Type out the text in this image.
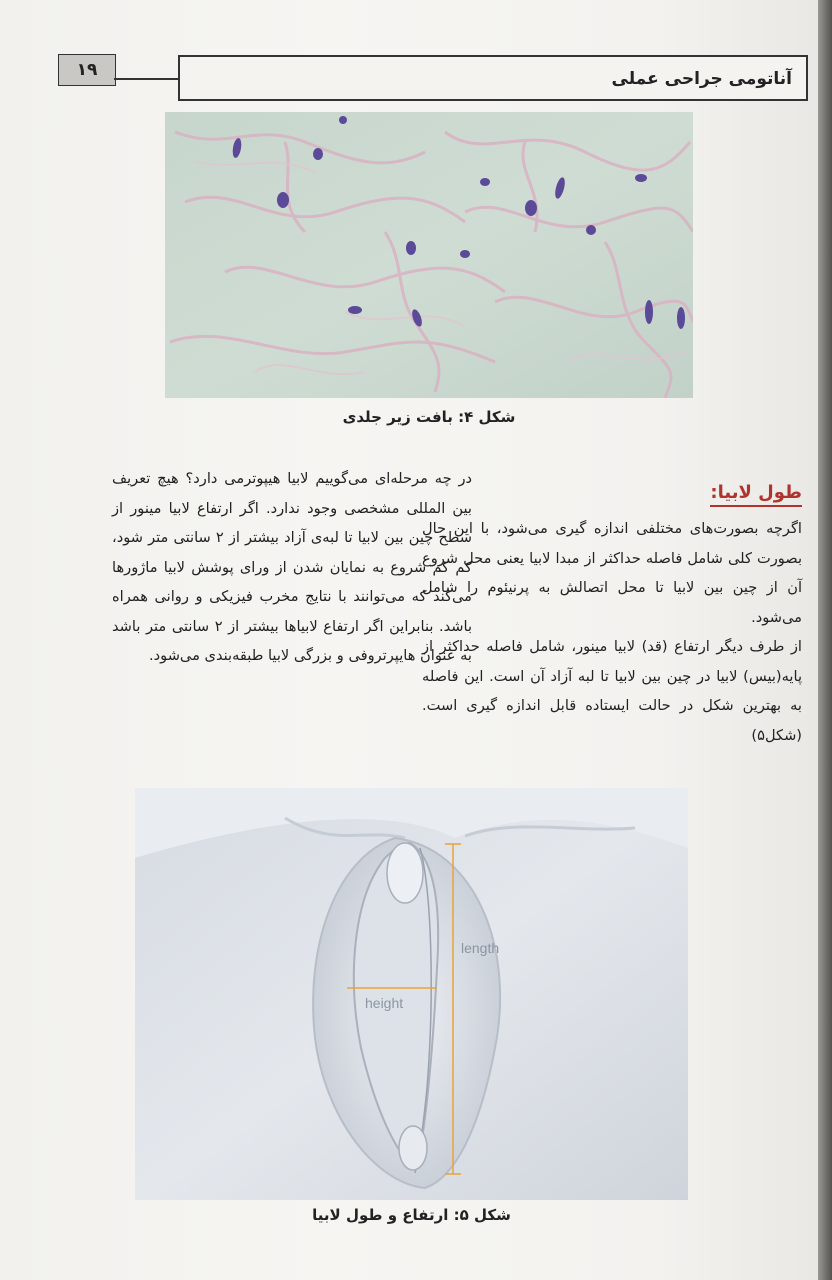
۱۹	آناتومی جراحی عملی
شکل ۴: بافت زیر جلدی
طول لابیا:

اگرچه بصورت‌های مختلفی اندازه گیری می‌شود، با این حال بصورت کلی شامل فاصله حداکثر از مبدا لابیا یعنی محل شروع آن از چین بین لابیا تا محل اتصالش به پرنیئوم را شامل می‌شود.

از طرف دیگر ارتفاع (قد) لابیا مینور، شامل فاصله حداکثر از پایه(بیس) لابیا در چین بین لابیا تا لبه آزاد آن است. این فاصله به بهترین شکل در حالت ایستاده قابل اندازه گیری است. (شکل۵)

در چه مرحله‌ای می‌گوییم لابیا هیپوترمی دارد؟ هیچ تعریف بین المللی مشخصی وجود ندارد. اگر ارتفاع لابیا مینور از سطح چین بین لابیا تا لبه‌ی آزاد بیشتر از ۲ سانتی متر شود، کم کم شروع به نمایان شدن از ورای پوشش لابیا ماژورها می‌کند که می‌توانند با نتایج مخرب فیزیکی و روانی همراه باشد. بنابراین اگر ارتفاع لابیاها بیشتر از ۲ سانتی متر باشد به عنوان هایپرتروفی و بزرگی لابیا طبقه‌بندی می‌شود.

length
height
شکل ۵: ارتفاع و طول لابیا
